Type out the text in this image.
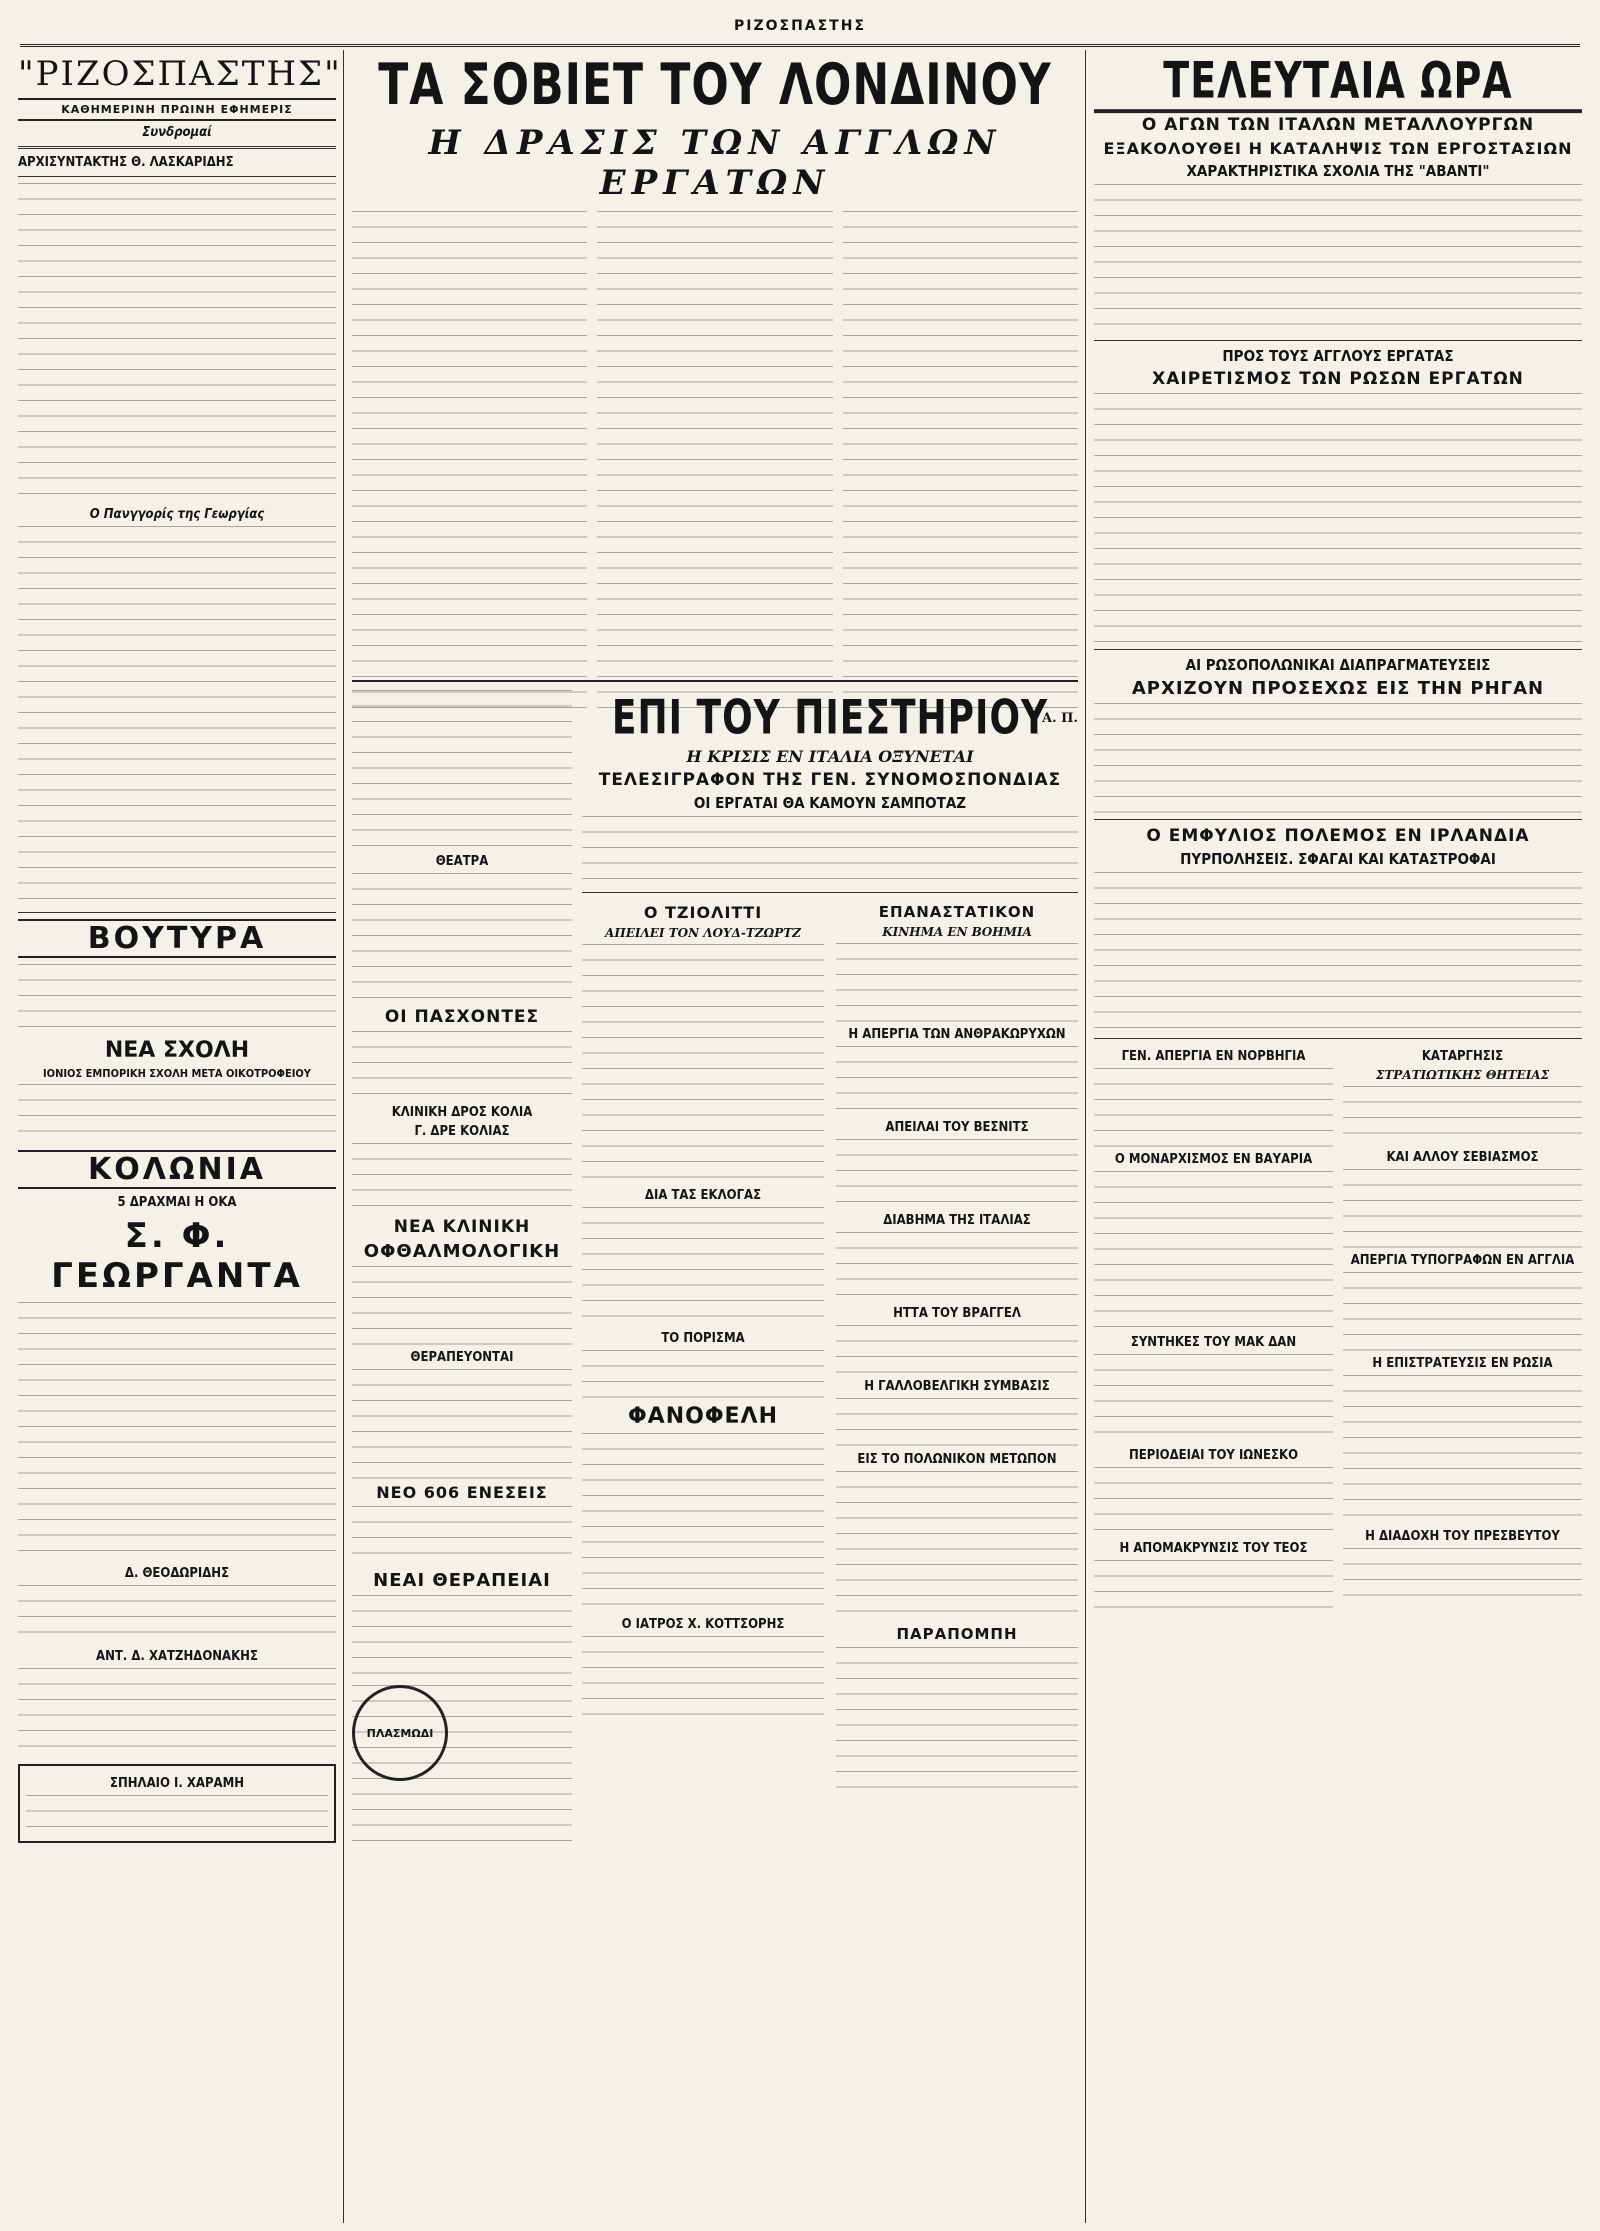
ΡΙΖΟΣΠΑΣΤΗΣ
"ΡΙΖΟΣΠΑΣΤΗΣ"
ΚΑΘΗΜΕΡΙΝΗ ΠΡΩΙΝΗ ΕΦΗΜΕΡΙΣ
Συνδρομαί
ΑΡΧΙΣΥΝΤΑΚΤΗΣ Θ. ΛΑΣΚΑΡΙΔΗΣ
Ο Πανγγορίς της Γεωργίας
ΒΟΥΤΥΡΑ
ΝΕΑ ΣΧΟΛΗ
ΙΟΝΙΟΣ ΕΜΠΟΡΙΚΗ ΣΧΟΛΗ ΜΕΤΑ ΟΙΚΟΤΡΟΦΕΙΟΥ
ΚΟΛΩΝΙΑ
5 ΔΡΑΧΜΑΙ Η ΟΚΑ
Σ. Φ. ΓΕΩΡΓΑΝΤΑ
Δ. ΘΕΟΔΩΡΙΔΗΣ
ΑΝΤ. Δ. ΧΑΤΖΗΔΟΝΑΚΗΣ
ΣΠΗΛΑΙΟ Ι. ΧΑΡΑΜΗ
ΤΑ ΣΟΒΙΕΤ ΤΟΥ ΛΟΝΔΙΝΟΥ
Η ΔΡΑΣΙΣ ΤΩΝ ΑΓΓΛΩΝ ΕΡΓΑΤΩΝ
Α. Π.
ΘΕΑΤΡΑ
ΟΙ ΠΑΣΧΟΝΤΕΣ
ΚΛΙΝΙΚΗ ΔΡΟΣ ΚΟΛΙΑ
Γ. ΔΡΕ ΚΟΛΙΑΣ
ΝΕΑ ΚΛΙΝΙΚΗ
ΟΦΘΑΛΜΟΛΟΓΙΚΗ
ΘΕΡΑΠΕΥΟΝΤΑΙ
ΝΕΟ 606 ΕΝΕΣΕΙΣ
ΝΕΑΙ ΘΕΡΑΠΕΙΑΙ
ΠΛΑΣΜΩΔΙ
ΕΠΙ ΤΟΥ ΠΙΕΣΤΗΡΙΟΥ
Η ΚΡΙΣΙΣ ΕΝ ΙΤΑΛΙΑ ΟΞΥΝΕΤΑΙ
ΤΕΛΕΣΙΓΡΑΦΟΝ ΤΗΣ ΓΕΝ. ΣΥΝΟΜΟΣΠΟΝΔΙΑΣ
ΟΙ ΕΡΓΑΤΑΙ ΘΑ ΚΑΜΟΥΝ ΣΑΜΠΟΤΑΖ
Ο ΤΖΙΟΛΙΤΤΙ
ΑΠΕΙΛΕΙ ΤΟΝ ΛΟΥΔ-ΤΖΩΡΤΖ
ΔΙΑ ΤΑΣ ΕΚΛΟΓΑΣ
ΤΟ ΠΟΡΙΣΜΑ
ΦΑΝΟΦΕΛΗ
Ο ΙΑΤΡΟΣ Χ. ΚΟΤΤΣΟΡΗΣ
ΕΠΑΝΑΣΤΑΤΙΚΟΝ
ΚΙΝΗΜΑ ΕΝ ΒΟΗΜΙΑ
Η ΑΠΕΡΓΙΑ ΤΩΝ ΑΝΘΡΑΚΩΡΥΧΩΝ
ΑΠΕΙΛΑΙ ΤΟΥ ΒΕΣΝΙΤΣ
ΔΙΑΒΗΜΑ ΤΗΣ ΙΤΑΛΙΑΣ
ΗΤΤΑ ΤΟΥ ΒΡΑΓΓΕΛ
Η ΓΑΛΛΟΒΕΛΓΙΚΗ ΣΥΜΒΑΣΙΣ
ΕΙΣ ΤΟ ΠΟΛΩΝΙΚΟΝ ΜΕΤΩΠΟΝ
ΠΑΡΑΠΟΜΠΗ
ΤΕΛΕΥΤΑΙΑ ΩΡΑ
Ο ΑΓΩΝ ΤΩΝ ΙΤΑΛΩΝ ΜΕΤΑΛΛΟΥΡΓΩΝ
ΕΞΑΚΟΛΟΥΘΕΙ Η ΚΑΤΑΛΗΨΙΣ ΤΩΝ ΕΡΓΟΣΤΑΣΙΩΝ
ΧΑΡΑΚΤΗΡΙΣΤΙΚΑ ΣΧΟΛΙΑ ΤΗΣ "ΑΒΑΝΤΙ"
ΠΡΟΣ ΤΟΥΣ ΑΓΓΛΟΥΣ ΕΡΓΑΤΑΣ
ΧΑΙΡΕΤΙΣΜΟΣ ΤΩΝ ΡΩΣΩΝ ΕΡΓΑΤΩΝ
ΑΙ ΡΩΣΟΠΟΛΩΝΙΚΑΙ ΔΙΑΠΡΑΓΜΑΤΕΥΣΕΙΣ
ΑΡΧΙΖΟΥΝ ΠΡΟΣΕΧΩΣ ΕΙΣ ΤΗΝ ΡΗΓΑΝ
Ο ΕΜΦΥΛΙΟΣ ΠΟΛΕΜΟΣ ΕΝ ΙΡΛΑΝΔΙΑ
ΠΥΡΠΟΛΗΣΕΙΣ. ΣΦΑΓΑΙ ΚΑΙ ΚΑΤΑΣΤΡΟΦΑΙ
ΓΕΝ. ΑΠΕΡΓΙΑ ΕΝ ΝΟΡΒΗΓΙΑ
Ο ΜΟΝΑΡΧΙΣΜΟΣ ΕΝ ΒΑΥΑΡΙΑ
ΣΥΝΤΗΚΕΣ ΤΟΥ ΜΑΚ ΔΑΝ
ΠΕΡΙΟΔΕΙΑΙ ΤΟΥ ΙΩΝΕΣΚΟ
Η ΑΠΟΜΑΚΡΥΝΣΙΣ ΤΟΥ ΤΕΟΣ
ΚΑΤΑΡΓΗΣΙΣ
ΣΤΡΑΤΙΩΤΙΚΗΣ ΘΗΤΕΙΑΣ
ΚΑΙ ΑΛΛΟΥ ΣΕΒΙΑΣΜΟΣ
ΑΠΕΡΓΙΑ ΤΥΠΟΓΡΑΦΩΝ ΕΝ ΑΓΓΛΙΑ
Η ΕΠΙΣΤΡΑΤΕΥΣΙΣ ΕΝ ΡΩΣΙΑ
Η ΔΙΑΔΟΧΗ ΤΟΥ ΠΡΕΣΒΕΥΤΟΥ
